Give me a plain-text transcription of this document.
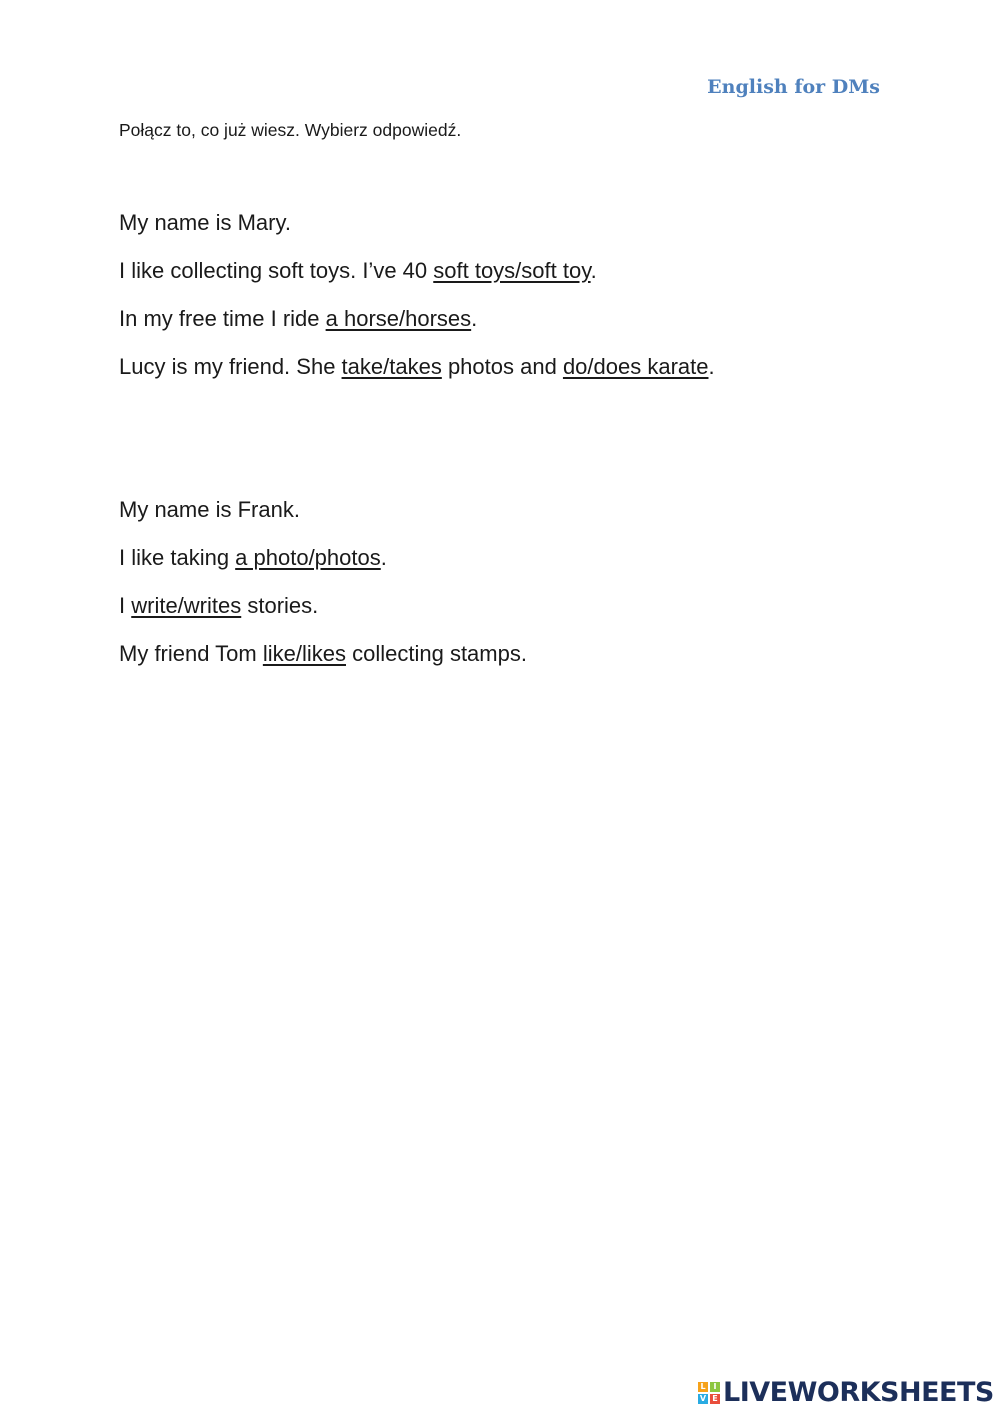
English for DMs
Połącz to, co już wiesz. Wybierz odpowiedź.
My name is Mary.
I like collecting soft toys. I’ve 40 soft toys/soft toy.
In my free time I ride a horse/horses.
Lucy is my friend. She take/takes photos and do/does karate.
My name is Frank.
I like taking a photo/photos.
I write/writes stories.
My friend Tom like/likes collecting stamps.
L I
V E LIVEWORKSHEETS
